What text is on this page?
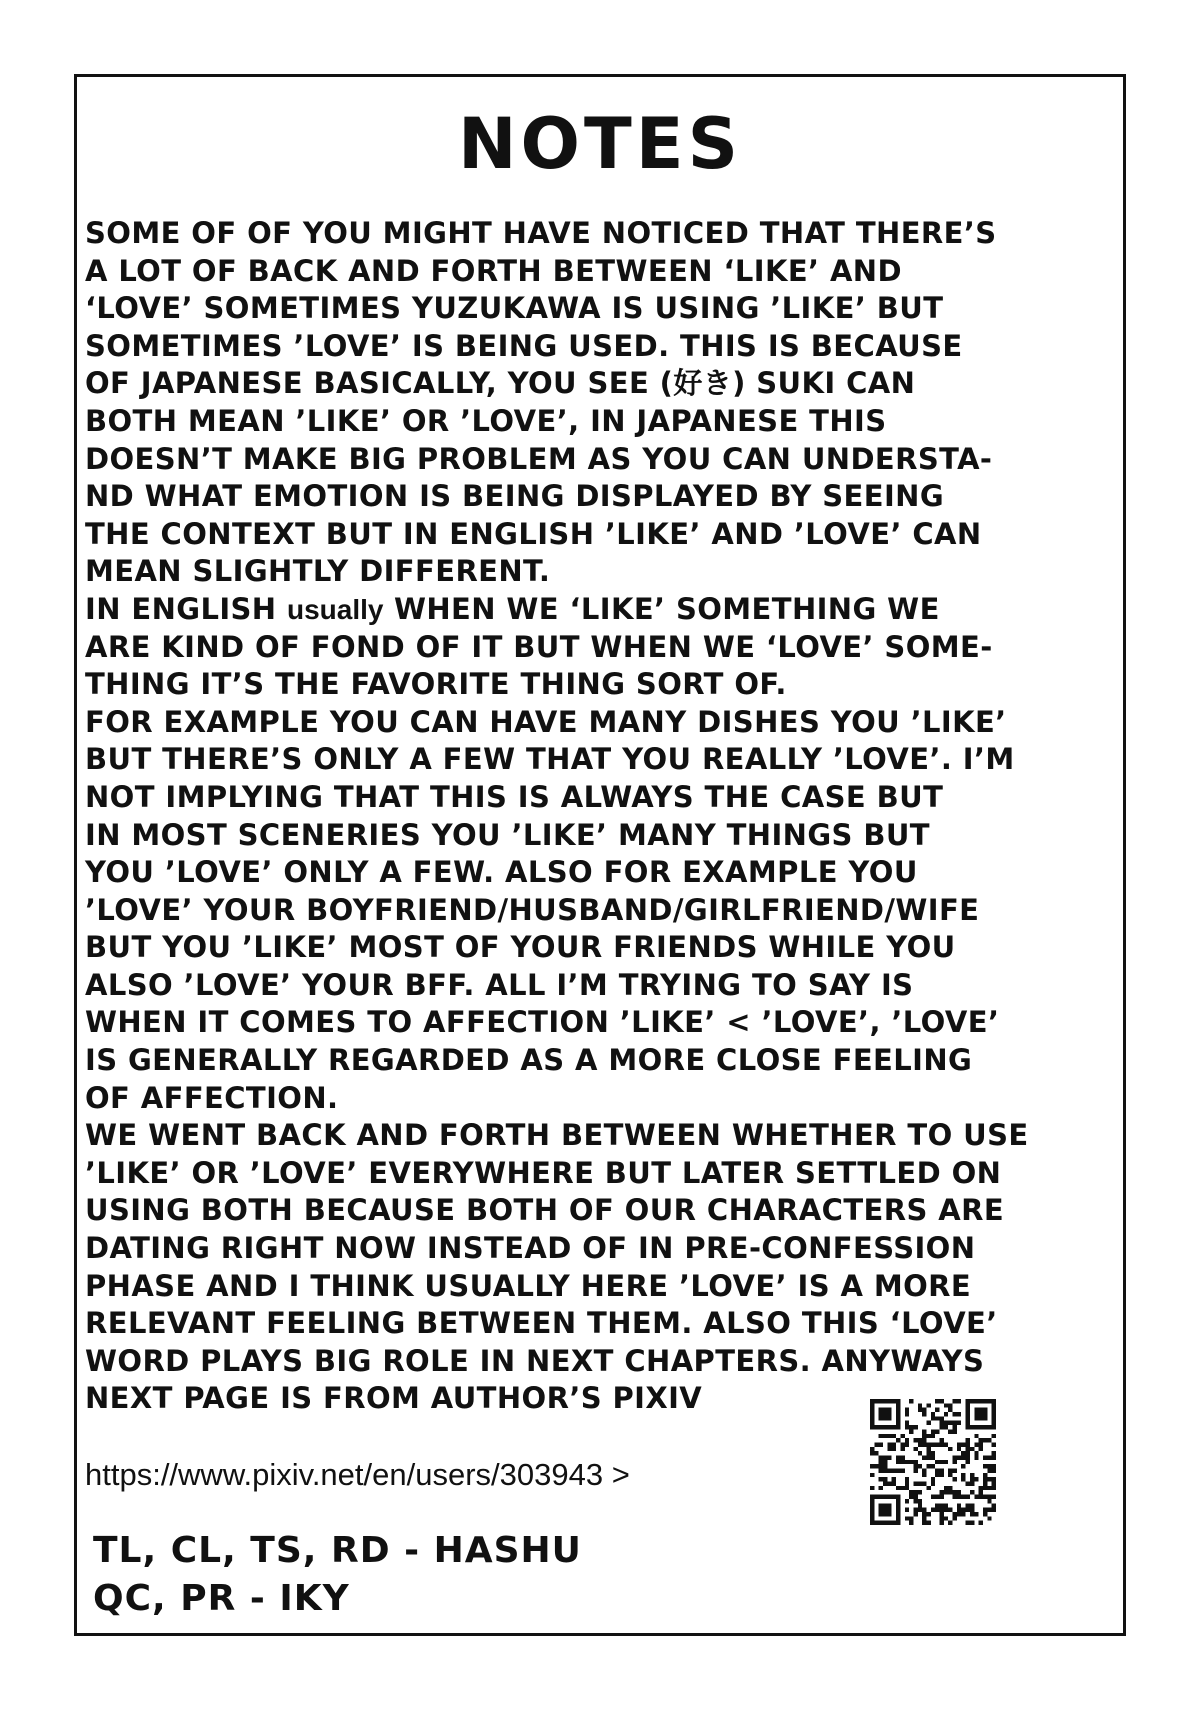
NOTES
SOME OF OF YOU MIGHT HAVE NOTICED THAT THERE’S
A LOT OF BACK AND FORTH BETWEEN ‘LIKE’ AND
‘LOVE’ SOMETIMES YUZUKAWA IS USING ’LIKE’ BUT
SOMETIMES ’LOVE’ IS BEING USED. THIS IS BECAUSE
OF JAPANESE BASICALLY, YOU SEE (好き) SUKI CAN
BOTH MEAN ’LIKE’ OR ’LOVE’, IN JAPANESE THIS
DOESN’T MAKE BIG PROBLEM AS YOU CAN UNDERSTA-
ND WHAT EMOTION IS BEING DISPLAYED BY SEEING
THE CONTEXT BUT IN ENGLISH ’LIKE’ AND ’LOVE’ CAN
MEAN SLIGHTLY DIFFERENT.
IN ENGLISH usually WHEN WE ‘LIKE’ SOMETHING WE
ARE KIND OF FOND OF IT BUT WHEN WE ‘LOVE’ SOME-
THING IT’S THE FAVORITE THING SORT OF.
FOR EXAMPLE YOU CAN HAVE MANY DISHES YOU ’LIKE’
BUT THERE’S ONLY A FEW THAT YOU REALLY ’LOVE’. I’M
NOT IMPLYING THAT THIS IS ALWAYS THE CASE BUT
IN MOST SCENERIES YOU ’LIKE’ MANY THINGS BUT
YOU ’LOVE’ ONLY A FEW. ALSO FOR EXAMPLE YOU
’LOVE’ YOUR BOYFRIEND/HUSBAND/GIRLFRIEND/WIFE
BUT YOU ’LIKE’ MOST OF YOUR FRIENDS WHILE YOU
ALSO ’LOVE’ YOUR BFF. ALL I’M TRYING TO SAY IS
WHEN IT COMES TO AFFECTION ’LIKE’ < ’LOVE’, ’LOVE’
IS GENERALLY REGARDED AS A MORE CLOSE FEELING
OF AFFECTION.
WE WENT BACK AND FORTH BETWEEN WHETHER TO USE
’LIKE’ OR ’LOVE’ EVERYWHERE BUT LATER SETTLED ON
USING BOTH BECAUSE BOTH OF OUR CHARACTERS ARE
DATING RIGHT NOW INSTEAD OF IN PRE-CONFESSION
PHASE AND I THINK USUALLY HERE ’LOVE’ IS A MORE
RELEVANT FEELING BETWEEN THEM. ALSO THIS ‘LOVE’
WORD PLAYS BIG ROLE IN NEXT CHAPTERS. ANYWAYS
NEXT PAGE IS FROM AUTHOR’S PIXIV
https://www.pixiv.net/en/users/303943 >
TL, CL, TS, RD - HASHU
QC, PR - IKY
